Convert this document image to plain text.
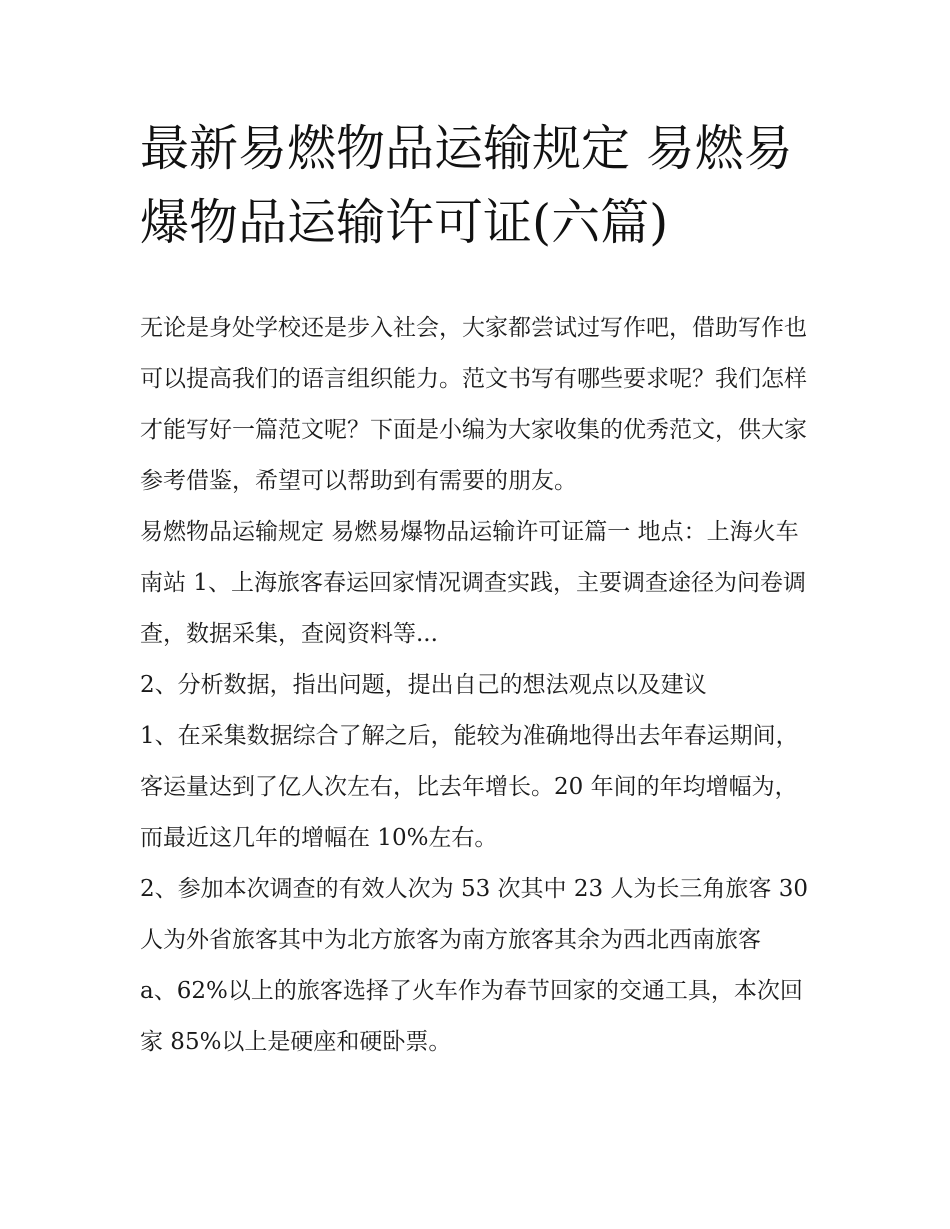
最新易燃物品运输规定 易燃易爆物品运输许可证(六篇)

无论是身处学校还是步入社会，大家都尝试过写作吧，借助写作也可以提高我们的语言组织能力。范文书写有哪些要求呢？我们怎样才能写好一篇范文呢？下面是小编为大家收集的优秀范文，供大家参考借鉴，希望可以帮助到有需要的朋友。

易燃物品运输规定 易燃易爆物品运输许可证篇一 地点：上海火车南站 1、上海旅客春运回家情况调查实践，主要调查途径为问卷调查，数据采集，查阅资料等...

2、分析数据，指出问题，提出自己的想法观点以及建议

1、在采集数据综合了解之后，能较为准确地得出去年春运期间，客运量达到了亿人次左右，比去年增长。20 年间的年均增幅为，而最近这几年的增幅在 10%左右。

2、参加本次调查的有效人次为 53 次其中 23 人为长三角旅客 30 人为外省旅客其中为北方旅客为南方旅客其余为西北西南旅客

a、62%以上的旅客选择了火车作为春节回家的交通工具，本次回家 85%以上是硬座和硬卧票。
